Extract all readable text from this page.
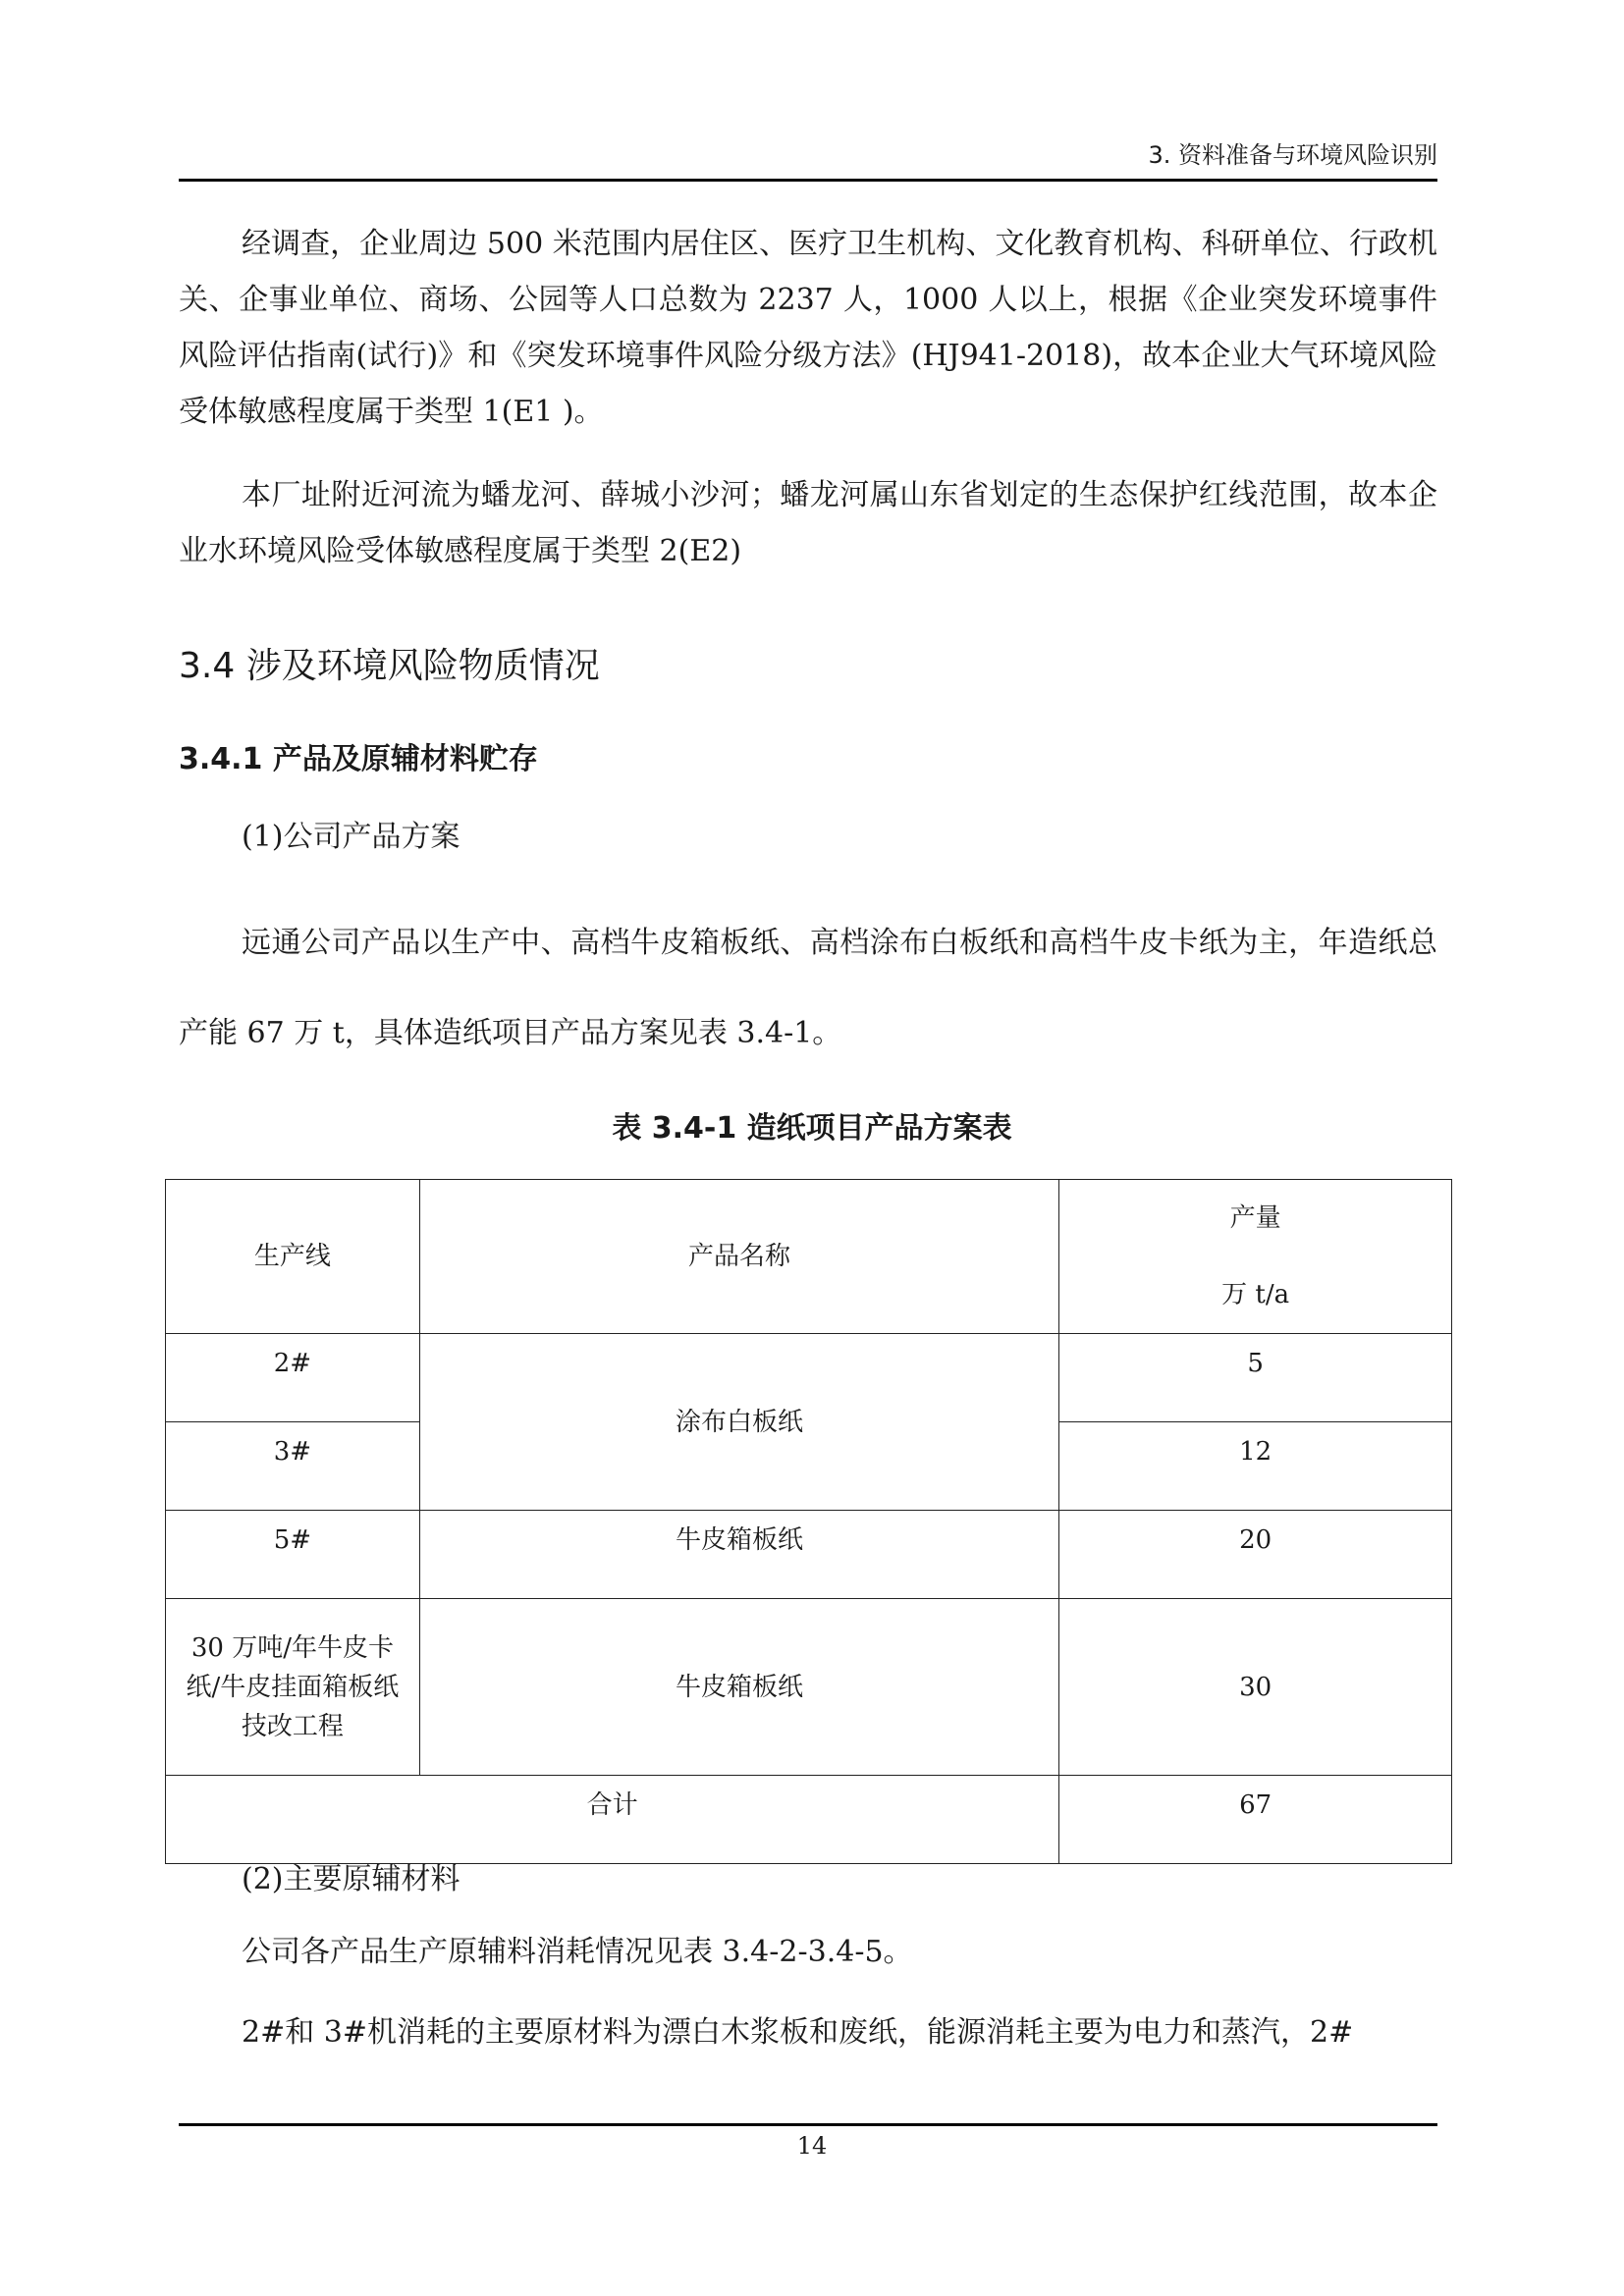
3. 资料准备与环境风险识别

经调查，企业周边 500 米范围内居住区、医疗卫生机构、文化教育机构、科研单位、行政机关、企事业单位、商场、公园等人口总数为 2237 人，1000 人以上，根据《企业突发环境事件风险评估指南(试行)》和《突发环境事件风险分级方法》(HJ941-2018)，故本企业大气环境风险受体敏感程度属于类型 1(E1 )。

本厂址附近河流为蟠龙河、薛城小沙河；蟠龙河属山东省划定的生态保护红线范围，故本企业水环境风险受体敏感程度属于类型 2(E2)

3.4 涉及环境风险物质情况
3.4.1 产品及原辅材料贮存

(1)公司产品方案

远通公司产品以生产中、高档牛皮箱板纸、高档涂布白板纸和高档牛皮卡纸为主，年造纸总产能 67 万 t，具体造纸项目产品方案见表 3.4-1。

表 3.4-1 造纸项目产品方案表
生产线	产品名称	产量
万 t/a

2#	涂布白板纸	5
3#		12
5#	牛皮箱板纸	20
30 万吨/年牛皮卡纸/牛皮挂面箱板纸技改工程	牛皮箱板纸	30
合计		67

(2)主要原辅材料

公司各产品生产原辅料消耗情况见表 3.4-2-3.4-5。

2#和 3#机消耗的主要原材料为漂白木浆板和废纸，能源消耗主要为电力和蒸汽，2#

14
